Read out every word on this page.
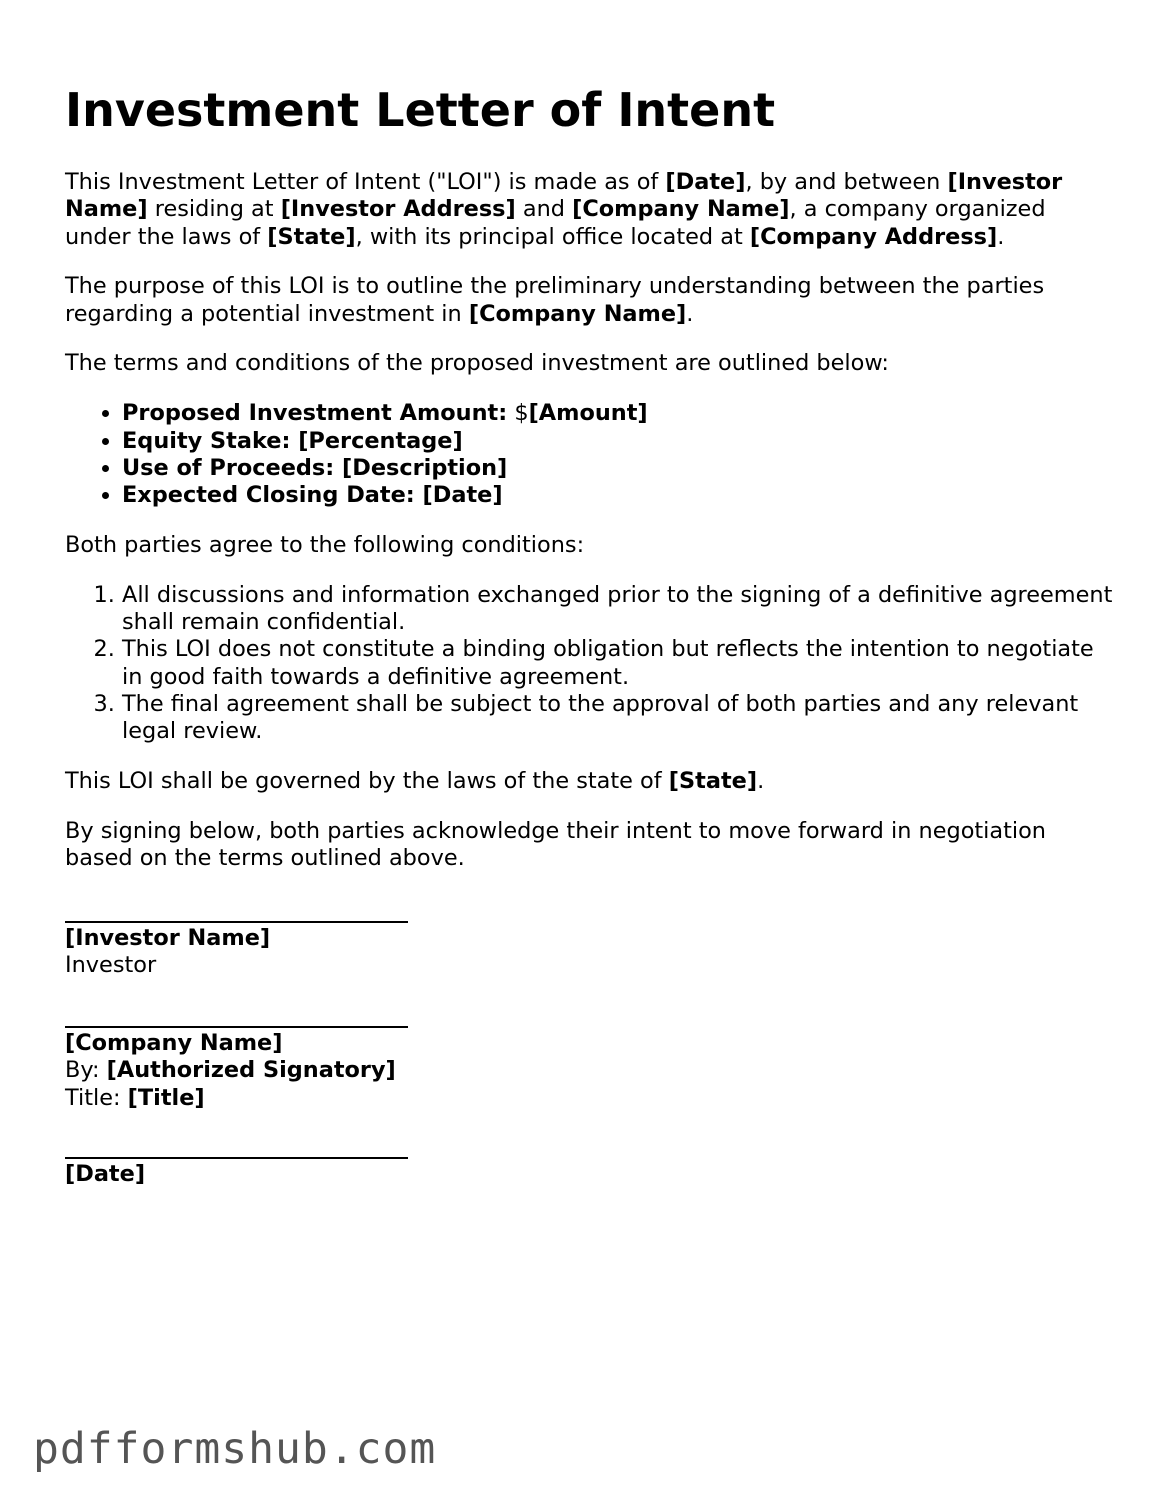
Investment Letter of Intent

This Investment Letter of Intent ("LOI") is made as of [Date], by and between [Investor Name] residing at [Investor Address] and [Company Name], a company organized under the laws of [State], with its principal office located at [Company Address].

The purpose of this LOI is to outline the preliminary understanding between the parties regarding a potential investment in [Company Name].

The terms and conditions of the proposed investment are outlined below:

• Proposed Investment Amount: $[Amount]
• Equity Stake: [Percentage]
• Use of Proceeds: [Description]
• Expected Closing Date: [Date]

Both parties agree to the following conditions:

1. All discussions and information exchanged prior to the signing of a definitive agreement shall remain confidential.
2. This LOI does not constitute a binding obligation but reflects the intention to negotiate in good faith towards a definitive agreement.
3. The final agreement shall be subject to the approval of both parties and any relevant legal review.

This LOI shall be governed by the laws of the state of [State].

By signing below, both parties acknowledge their intent to move forward in negotiation based on the terms outlined above.

[Investor Name]
Investor
[Company Name]
By: [Authorized Signatory]
Title: [Title]
[Date]
pdfformshub.com
